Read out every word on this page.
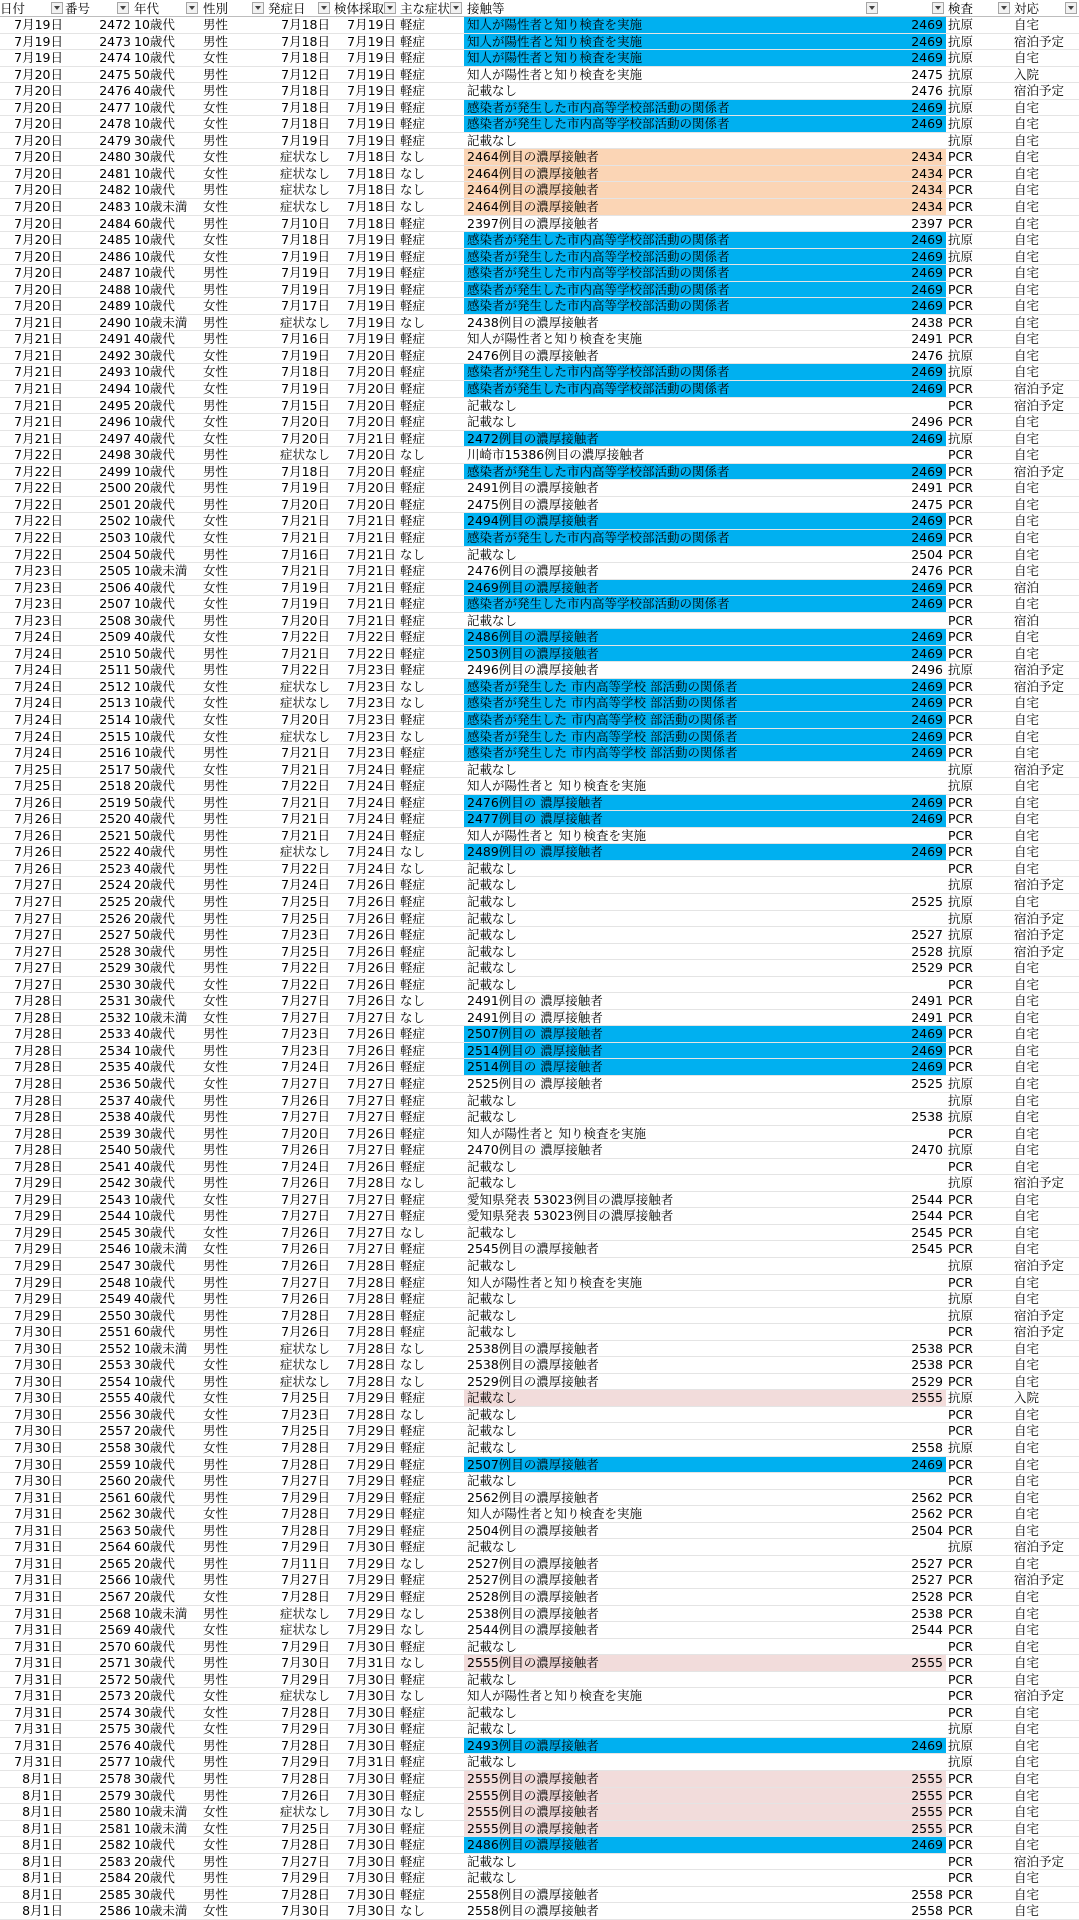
日付	番号	年代	性別	発症日	検体採取	主な症状	接触等	検査	対応
7月19日	2472 10歳代	男性	7月18日	7月19日 軽症	知人が陽性者と知り検査を実施	2469 抗原	自宅
7月19日	2473 10歳代	男性	7月18日	7月19日 軽症	知人が陽性者と知り検査を実施	2469 抗原	宿泊予定
7月19日	2474 10歳代	女性	7月18日	7月19日 軽症	知人が陽性者と知り検査を実施	2469 抗原	自宅
7月20日	2475 50歳代	男性	7月12日	7月19日 軽症	知人が陽性者と知り検査を実施	2475 抗原	入院
7月20日	2476 40歳代	男性	7月18日	7月19日 軽症	記載なし	2476 抗原	宿泊予定
7月20日	2477 10歳代	女性	7月18日	7月19日 軽症	感染者が発生した市内高等学校部活動の関係者	2469 抗原	自宅
7月20日	2478 10歳代	女性	7月18日	7月19日 軽症	感染者が発生した市内高等学校部活動の関係者	2469 抗原	自宅
7月20日	2479 30歳代	男性	7月19日	7月19日 軽症	記載なし	抗原	自宅
7月20日	2480 30歳代	女性	症状なし	7月18日 なし	2464例目の濃厚接触者	2434 PCR	自宅
7月20日	2481 10歳代	女性	症状なし	7月18日 なし	2464例目の濃厚接触者	2434 PCR	自宅
7月20日	2482 10歳代	男性	症状なし	7月18日 なし	2464例目の濃厚接触者	2434 PCR	自宅
7月20日	2483 10歳未満	女性	症状なし	7月18日 なし	2464例目の濃厚接触者	2434 PCR	自宅
7月20日	2484 60歳代	男性	7月10日	7月18日 軽症	2397例目の濃厚接触者	2397 PCR	自宅
7月20日	2485 10歳代	女性	7月18日	7月19日 軽症	感染者が発生した市内高等学校部活動の関係者	2469 抗原	自宅
7月20日	2486 10歳代	女性	7月19日	7月19日 軽症	感染者が発生した市内高等学校部活動の関係者	2469 抗原	自宅
7月20日	2487 10歳代	男性	7月19日	7月19日 軽症	感染者が発生した市内高等学校部活動の関係者	2469 PCR	自宅
7月20日	2488 10歳代	男性	7月19日	7月19日 軽症	感染者が発生した市内高等学校部活動の関係者	2469 PCR	自宅
7月20日	2489 10歳代	女性	7月17日	7月19日 軽症	感染者が発生した市内高等学校部活動の関係者	2469 PCR	自宅
7月21日	2490 10歳未満	男性	症状なし	7月19日 なし	2438例目の濃厚接触者	2438 PCR	自宅
7月21日	2491 40歳代	男性	7月16日	7月19日 軽症	知人が陽性者と知り検査を実施	2491 PCR	自宅
7月21日	2492 30歳代	女性	7月19日	7月20日 軽症	2476例目の濃厚接触者	2476 抗原	自宅
7月21日	2493 10歳代	女性	7月18日	7月20日 軽症	感染者が発生した市内高等学校部活動の関係者	2469 抗原	自宅
7月21日	2494 10歳代	女性	7月19日	7月20日 軽症	感染者が発生した市内高等学校部活動の関係者	2469 PCR	宿泊予定
7月21日	2495 20歳代	男性	7月15日	7月20日 軽症	記載なし	PCR	宿泊予定
7月21日	2496 10歳代	女性	7月20日	7月20日 軽症	記載なし	2496 PCR	自宅
7月21日	2497 40歳代	女性	7月20日	7月21日 軽症	2472例目の濃厚接触者	2469 抗原	自宅
7月22日	2498 30歳代	男性	症状なし	7月20日 なし	川崎市15386例目の濃厚接触者	PCR	自宅
7月22日	2499 10歳代	男性	7月18日	7月20日 軽症	感染者が発生した市内高等学校部活動の関係者	2469 PCR	宿泊予定
7月22日	2500 20歳代	男性	7月19日	7月20日 軽症	2491例目の濃厚接触者	2491 PCR	自宅
7月22日	2501 20歳代	男性	7月20日	7月20日 軽症	2475例目の濃厚接触者	2475 PCR	自宅
7月22日	2502 10歳代	女性	7月21日	7月21日 軽症	2494例目の濃厚接触者	2469 PCR	自宅
7月22日	2503 10歳代	女性	7月21日	7月21日 軽症	感染者が発生した市内高等学校部活動の関係者	2469 PCR	自宅
7月22日	2504 50歳代	男性	7月16日	7月21日 なし	記載なし	2504 PCR	自宅
7月23日	2505 10歳未満	女性	7月21日	7月21日 軽症	2476例目の濃厚接触者	2476 PCR	自宅
7月23日	2506 40歳代	女性	7月19日	7月21日 軽症	2469例目の濃厚接触者	2469 PCR	宿泊
7月23日	2507 10歳代	女性	7月19日	7月21日 軽症	感染者が発生した市内高等学校部活動の関係者	2469 PCR	自宅
7月23日	2508 30歳代	男性	7月20日	7月21日 軽症	記載なし	PCR	宿泊
7月24日	2509 40歳代	女性	7月22日	7月22日 軽症	2486例目の濃厚接触者	2469 PCR	自宅
7月24日	2510 50歳代	男性	7月21日	7月22日 軽症	2503例目の濃厚接触者	2469 PCR	自宅
7月24日	2511 50歳代	男性	7月22日	7月23日 軽症	2496例目の濃厚接触者	2496 抗原	宿泊予定
7月24日	2512 10歳代	女性	症状なし	7月23日 なし	感染者が発生した 市内高等学校 部活動の関係者	2469 PCR	宿泊予定
7月24日	2513 10歳代	女性	症状なし	7月23日 なし	感染者が発生した 市内高等学校 部活動の関係者	2469 PCR	自宅
7月24日	2514 10歳代	女性	7月20日	7月23日 軽症	感染者が発生した 市内高等学校 部活動の関係者	2469 PCR	自宅
7月24日	2515 10歳代	女性	症状なし	7月23日 なし	感染者が発生した 市内高等学校 部活動の関係者	2469 PCR	自宅
7月24日	2516 10歳代	男性	7月21日	7月23日 軽症	感染者が発生した 市内高等学校 部活動の関係者	2469 PCR	自宅
7月25日	2517 50歳代	女性	7月21日	7月24日 軽症	記載なし	抗原	宿泊予定
7月25日	2518 20歳代	男性	7月22日	7月24日 軽症	知人が陽性者と 知り検査を実施	抗原	自宅
7月26日	2519 50歳代	男性	7月21日	7月24日 軽症	2476例目の 濃厚接触者	2469 PCR	自宅
7月26日	2520 40歳代	男性	7月21日	7月24日 軽症	2477例目の 濃厚接触者	2469 PCR	自宅
7月26日	2521 50歳代	男性	7月21日	7月24日 軽症	知人が陽性者と 知り検査を実施	PCR	自宅
7月26日	2522 40歳代	男性	症状なし	7月24日 なし	2489例目の 濃厚接触者	2469 PCR	自宅
7月26日	2523 40歳代	男性	7月22日	7月24日 なし	記載なし	PCR	自宅
7月27日	2524 20歳代	男性	7月24日	7月26日 軽症	記載なし	抗原	宿泊予定
7月27日	2525 20歳代	男性	7月25日	7月26日 軽症	記載なし	2525 抗原	自宅
7月27日	2526 20歳代	男性	7月25日	7月26日 軽症	記載なし	抗原	宿泊予定
7月27日	2527 50歳代	男性	7月23日	7月26日 軽症	記載なし	2527 抗原	宿泊予定
7月27日	2528 30歳代	男性	7月25日	7月26日 軽症	記載なし	2528 抗原	宿泊予定
7月27日	2529 30歳代	男性	7月22日	7月26日 軽症	記載なし	2529 PCR	自宅
7月27日	2530 30歳代	女性	7月22日	7月26日 軽症	記載なし	PCR	自宅
7月28日	2531 30歳代	女性	7月27日	7月26日 なし	2491例目の 濃厚接触者	2491 PCR	自宅
7月28日	2532 10歳未満	女性	7月27日	7月27日 なし	2491例目の 濃厚接触者	2491 PCR	自宅
7月28日	2533 40歳代	男性	7月23日	7月26日 軽症	2507例目の 濃厚接触者	2469 PCR	自宅
7月28日	2534 10歳代	男性	7月23日	7月26日 軽症	2514例目の 濃厚接触者	2469 PCR	自宅
7月28日	2535 40歳代	女性	7月24日	7月26日 軽症	2514例目の 濃厚接触者	2469 PCR	自宅
7月28日	2536 50歳代	女性	7月27日	7月27日 軽症	2525例目の 濃厚接触者	2525 抗原	自宅
7月28日	2537 40歳代	男性	7月26日	7月27日 軽症	記載なし	抗原	自宅
7月28日	2538 40歳代	男性	7月27日	7月27日 軽症	記載なし	2538 抗原	自宅
7月28日	2539 30歳代	男性	7月20日	7月26日 軽症	知人が陽性者と 知り検査を実施	PCR	自宅
7月28日	2540 50歳代	男性	7月26日	7月27日 軽症	2470例目の 濃厚接触者	2470 抗原	自宅
7月28日	2541 40歳代	男性	7月24日	7月26日 軽症	記載なし	PCR	自宅
7月29日	2542 30歳代	男性	7月26日	7月28日 なし	記載なし	抗原	宿泊予定
7月29日	2543 10歳代	女性	7月27日	7月27日 軽症	愛知県発表 53023例目の濃厚接触者	2544 PCR	自宅
7月29日	2544 10歳代	男性	7月27日	7月27日 軽症	愛知県発表 53023例目の濃厚接触者	2544 PCR	自宅
7月29日	2545 30歳代	女性	7月26日	7月27日 なし	記載なし	2545 PCR	自宅
7月29日	2546 10歳未満	女性	7月26日	7月27日 軽症	2545例目の濃厚接触者	2545 PCR	自宅
7月29日	2547 30歳代	男性	7月26日	7月28日 軽症	記載なし	抗原	宿泊予定
7月29日	2548 10歳代	男性	7月27日	7月28日 軽症	知人が陽性者と知り検査を実施	PCR	自宅
7月29日	2549 40歳代	男性	7月26日	7月28日 軽症	記載なし	抗原	自宅
7月29日	2550 30歳代	男性	7月28日	7月28日 軽症	記載なし	抗原	宿泊予定
7月30日	2551 60歳代	男性	7月26日	7月28日 軽症	記載なし	PCR	宿泊予定
7月30日	2552 10歳未満	男性	症状なし	7月28日 なし	2538例目の濃厚接触者	2538 PCR	自宅
7月30日	2553 30歳代	女性	症状なし	7月28日 なし	2538例目の濃厚接触者	2538 PCR	自宅
7月30日	2554 10歳代	男性	症状なし	7月28日 なし	2529例目の濃厚接触者	2529 PCR	自宅
7月30日	2555 40歳代	女性	7月25日	7月29日 軽症	記載なし	2555 抗原	入院
7月30日	2556 30歳代	女性	7月23日	7月28日 なし	記載なし	PCR	自宅
7月30日	2557 20歳代	男性	7月25日	7月29日 軽症	記載なし	PCR	自宅
7月30日	2558 30歳代	女性	7月28日	7月29日 軽症	記載なし	2558 抗原	自宅
7月30日	2559 10歳代	男性	7月28日	7月29日 軽症	2507例目の濃厚接触者	2469 PCR	自宅
7月30日	2560 20歳代	男性	7月27日	7月29日 軽症	記載なし	PCR	自宅
7月31日	2561 60歳代	男性	7月29日	7月29日 軽症	2562例目の濃厚接触者	2562 PCR	自宅
7月31日	2562 30歳代	女性	7月28日	7月29日 軽症	知人が陽性者と知り検査を実施	2562 PCR	自宅
7月31日	2563 50歳代	男性	7月28日	7月29日 軽症	2504例目の濃厚接触者	2504 PCR	自宅
7月31日	2564 60歳代	男性	7月29日	7月30日 軽症	記載なし	抗原	宿泊予定
7月31日	2565 20歳代	男性	7月11日	7月29日 なし	2527例目の濃厚接触者	2527 PCR	自宅
7月31日	2566 10歳代	男性	7月27日	7月29日 軽症	2527例目の濃厚接触者	2527 PCR	宿泊予定
7月31日	2567 20歳代	女性	7月28日	7月29日 軽症	2528例目の濃厚接触者	2528 PCR	自宅
7月31日	2568 10歳未満	男性	症状なし	7月29日 なし	2538例目の濃厚接触者	2538 PCR	自宅
7月31日	2569 40歳代	女性	症状なし	7月29日 なし	2544例目の濃厚接触者	2544 PCR	自宅
7月31日	2570 60歳代	男性	7月29日	7月30日 軽症	記載なし	PCR	自宅
7月31日	2571 30歳代	男性	7月30日	7月31日 なし	2555例目の濃厚接触者	2555 PCR	自宅
7月31日	2572 50歳代	男性	7月29日	7月30日 軽症	記載なし	PCR	自宅
7月31日	2573 20歳代	女性	症状なし	7月30日 なし	知人が陽性者と知り検査を実施	PCR	宿泊予定
7月31日	2574 30歳代	女性	7月28日	7月30日 軽症	記載なし	PCR	自宅
7月31日	2575 30歳代	女性	7月29日	7月30日 軽症	記載なし	抗原	自宅
7月31日	2576 40歳代	男性	7月28日	7月30日 軽症	2493例目の濃厚接触者	2469 抗原	自宅
7月31日	2577 10歳代	男性	7月29日	7月31日 軽症	記載なし	抗原	自宅
8月1日	2578 30歳代	男性	7月28日	7月30日 軽症	2555例目の濃厚接触者	2555 PCR	自宅
8月1日	2579 30歳代	男性	7月26日	7月30日 軽症	2555例目の濃厚接触者	2555 PCR	自宅
8月1日	2580 10歳未満	女性	症状なし	7月30日 なし	2555例目の濃厚接触者	2555 PCR	自宅
8月1日	2581 10歳未満	女性	7月25日	7月30日 軽症	2555例目の濃厚接触者	2555 PCR	自宅
8月1日	2582 10歳代	女性	7月28日	7月30日 軽症	2486例目の濃厚接触者	2469 PCR	自宅
8月1日	2583 20歳代	男性	7月27日	7月30日 軽症	記載なし	PCR	宿泊予定
8月1日	2584 20歳代	男性	7月29日	7月30日 軽症	記載なし	PCR	自宅
8月1日	2585 30歳代	男性	7月28日	7月30日 軽症	2558例目の濃厚接触者	2558 PCR	自宅
8月1日	2586 10歳未満	女性	7月30日	7月30日 なし	2558例目の濃厚接触者	2558 PCR	自宅
